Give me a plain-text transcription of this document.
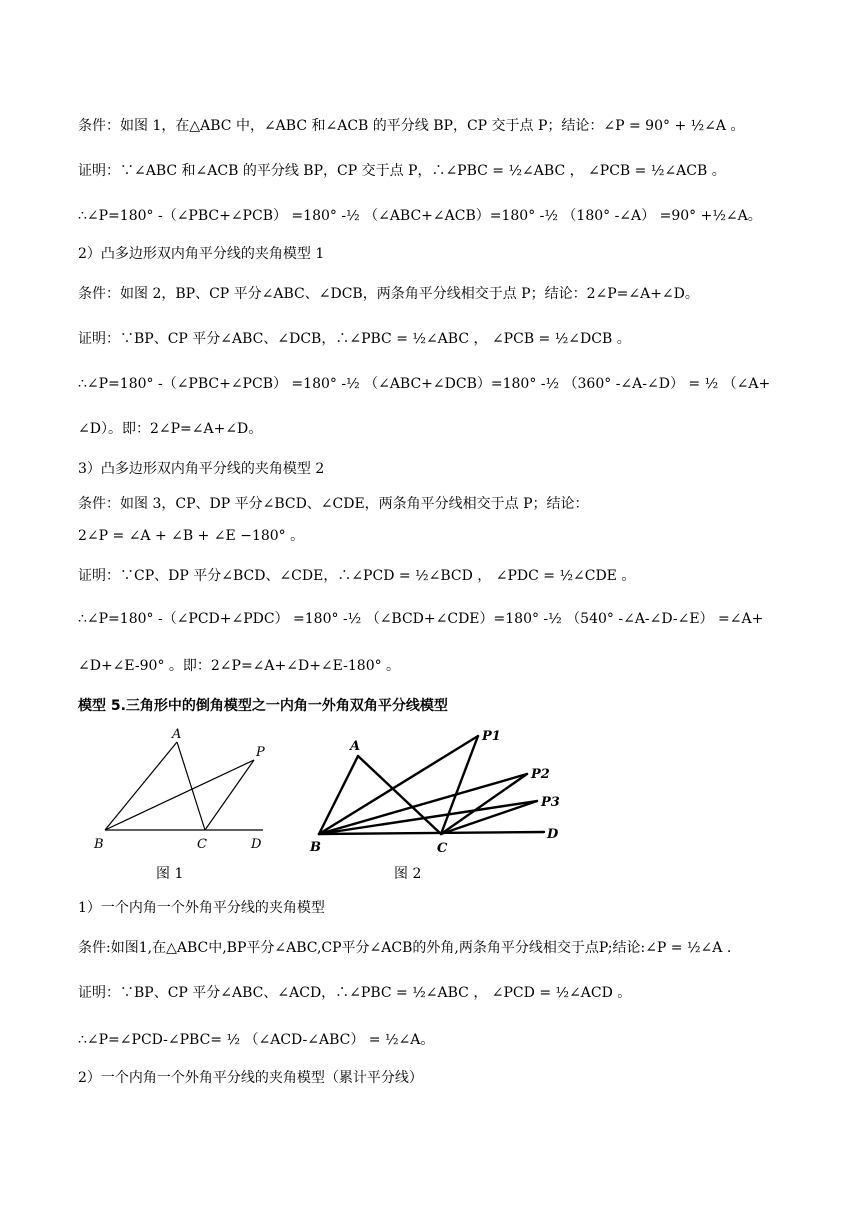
条件：如图 1，在△ABC 中，∠ABC 和∠ACB 的平分线 BP，CP 交于点 P；结论：∠P = 90° + ½∠A 。
证明：∵∠ABC 和∠ACB 的平分线 BP，CP 交于点 P，∴∠PBC = ½∠ABC ， ∠PCB = ½∠ACB 。
∴∠P=180° -（∠PBC+∠PCB） =180° -½ （∠ABC+∠ACB）=180° -½ （180° -∠A） =90° +½∠A。
2）凸多边形双内角平分线的夹角模型 1
条件：如图 2，BP、CP 平分∠ABC、∠DCB，两条角平分线相交于点 P；结论：2∠P=∠A+∠D。
证明：∵BP、CP 平分∠ABC、∠DCB，∴∠PBC = ½∠ABC ， ∠PCB = ½∠DCB 。
∴∠P=180° -（∠PBC+∠PCB） =180° -½ （∠ABC+∠DCB）=180° -½ （360° -∠A-∠D） = ½ （∠A+
∠D）。即：2∠P=∠A+∠D。
3）凸多边形双内角平分线的夹角模型 2
条件：如图 3，CP、DP 平分∠BCD、∠CDE，两条角平分线相交于点 P；结论：
2∠P = ∠A + ∠B + ∠E −180° 。
证明：∵CP、DP 平分∠BCD、∠CDE，∴∠PCD = ½∠BCD ， ∠PDC = ½∠CDE 。
∴∠P=180° -（∠PCD+∠PDC） =180° -½ （∠BCD+∠CDE）=180° -½ （540° -∠A-∠D-∠E） =∠A+
∠D+∠E-90° 。即：2∠P=∠A+∠D+∠E-180° 。
模型 5.三角形中的倒角模型之一内角一外角双角平分线模型
A
P
B	C	D
图 1
A
P1
P2
P3
B	C
D
图 2
1）一个内角一个外角平分线的夹角模型
条件:如图1,在△ABC中,BP平分∠ABC,CP平分∠ACB的外角,两条角平分线相交于点P;结论:∠P = ½∠A .
证明：∵BP、CP 平分∠ABC、∠ACD，∴∠PBC = ½∠ABC ， ∠PCD = ½∠ACD 。
∴∠P=∠PCD-∠PBC= ½ （∠ACD-∠ABC） = ½∠A。
2）一个内角一个外角平分线的夹角模型（累计平分线）
